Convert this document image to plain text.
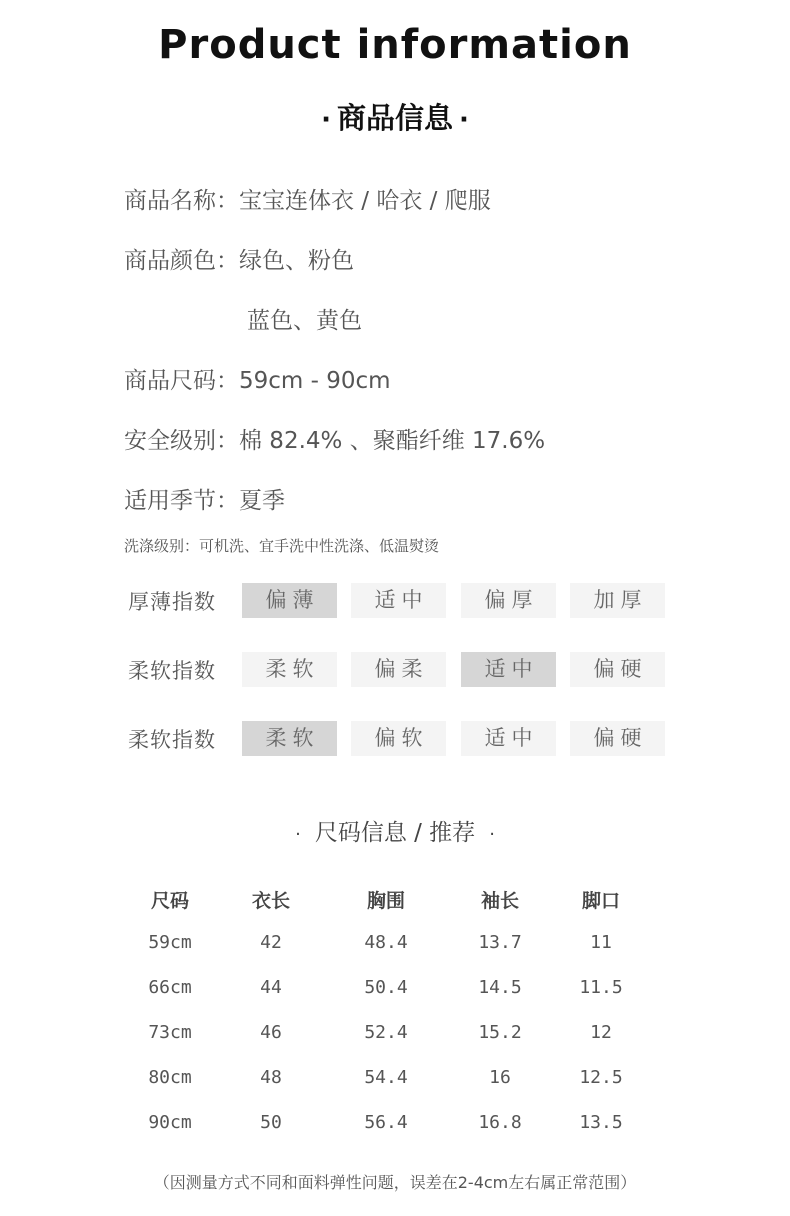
Product information
· 商品信息 ·
商品名称：宝宝连体衣 / 哈衣 / 爬服
商品颜色：绿色、粉色
蓝色、黄色
商品尺码：59cm - 90cm
安全级别：棉 82.4% 、聚酯纤维 17.6%
适用季节：夏季
洗涤级别：可机洗、宜手洗中性洗涤、低温熨烫
厚薄指数	偏薄	适中	偏厚	加厚
柔软指数	柔软	偏柔	适中	偏硬
柔软指数	柔软	偏软	适中	偏硬
· 尺码信息 / 推荐 ·
尺码	衣长	胸围	袖长	脚口
59cm	42	48.4	13.7	11
66cm	44	50.4	14.5	11.5
73cm	46	52.4	15.2	12
80cm	48	54.4	16	12.5
90cm	50	56.4	16.8	13.5
（因测量方式不同和面料弹性问题，误差在2-4cm左右属正常范围）
